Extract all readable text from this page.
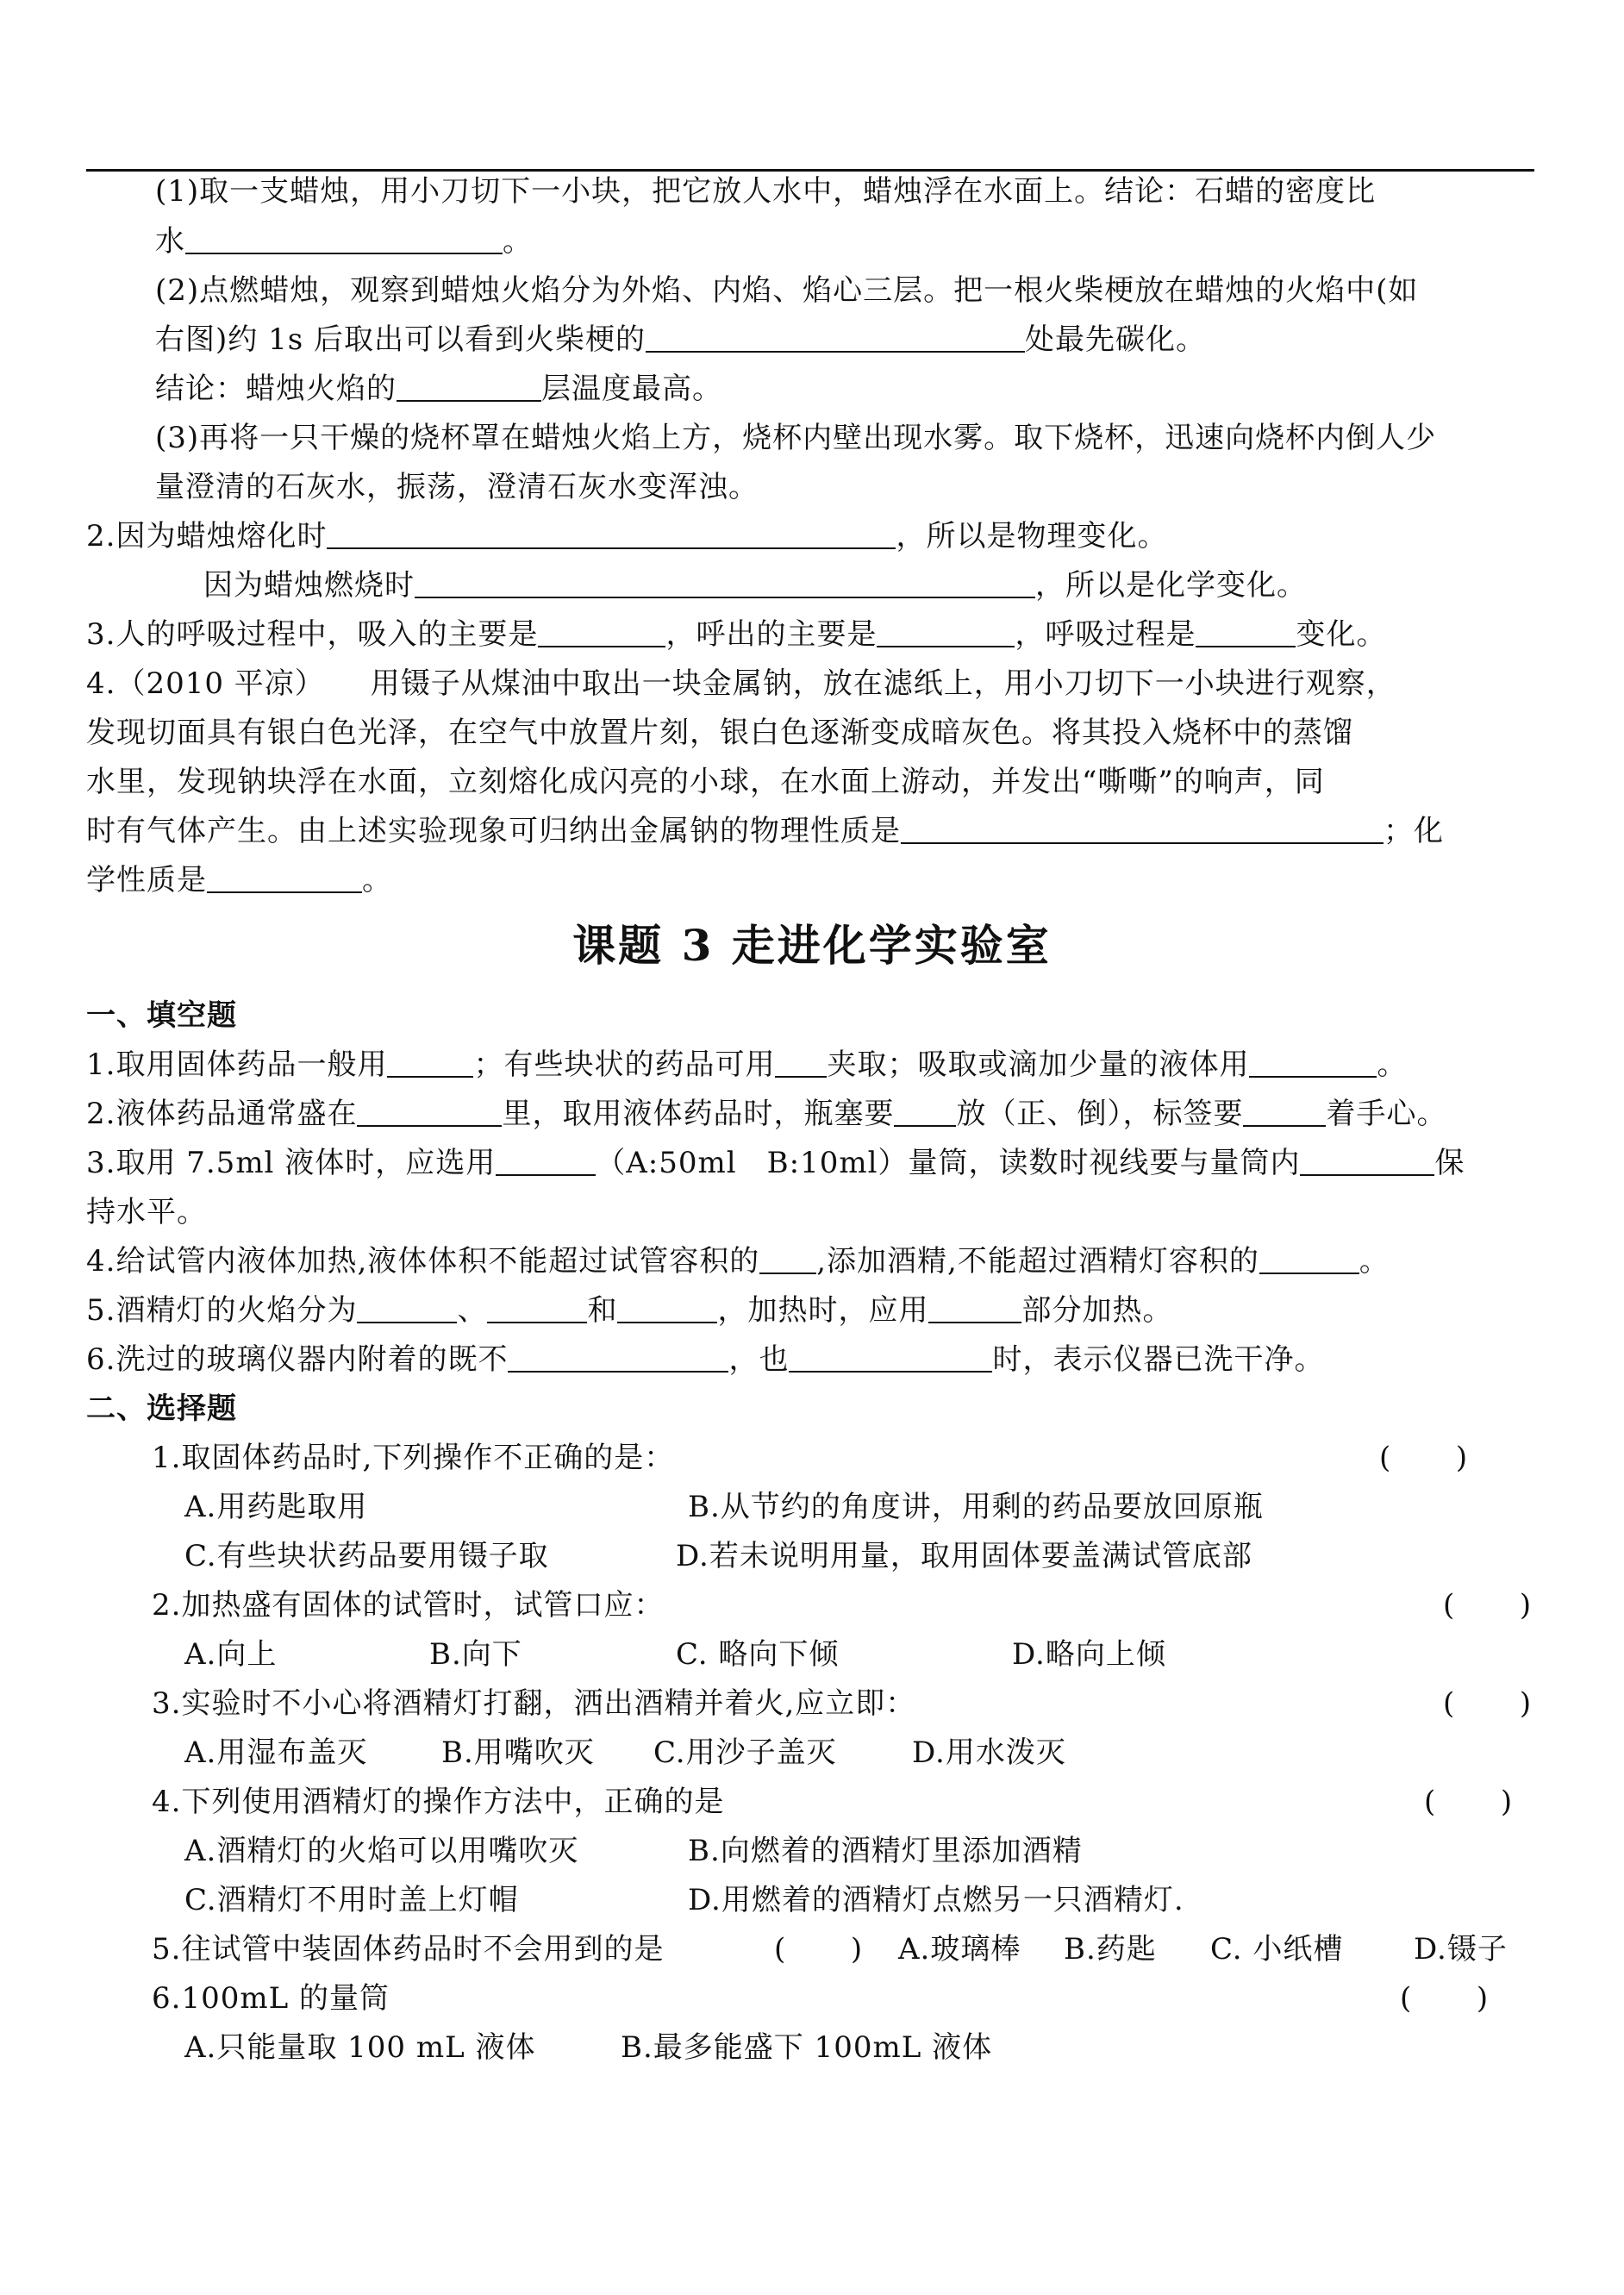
(1)取一支蜡烛，用小刀切下一小块，把它放人水中，蜡烛浮在水面上。结论：石蜡的密度比
水	。
(2)点燃蜡烛，观察到蜡烛火焰分为外焰、内焰、焰心三层。把一根火柴梗放在蜡烛的火焰中(如
右图)约 1s 后取出可以看到火柴梗的	处最先碳化。
结论：蜡烛火焰的	层温度最高。
(3)再将一只干燥的烧杯罩在蜡烛火焰上方，烧杯内壁出现水雾。取下烧杯，迅速向烧杯内倒人少
量澄清的石灰水，振荡，澄清石灰水变浑浊。
2.因为蜡烛熔化时	，所以是物理变化。
因为蜡烛燃烧时	，所以是化学变化。
3.人的呼吸过程中，吸入的主要是	，呼出的主要是	，呼吸过程是	变化。
4.（2010 平凉）　　用镊子从煤油中取出一块金属钠，放在滤纸上，用小刀切下一小块进行观察，
发现切面具有银白色光泽，在空气中放置片刻，银白色逐渐变成暗灰色。将其投入烧杯中的蒸馏
水里，发现钠块浮在水面，立刻熔化成闪亮的小球，在水面上游动，并发出“嘶嘶”的响声，同
时有气体产生。由上述实验现象可归纳出金属钠的物理性质是	；化
学性质是	。
课题 3 走进化学实验室
一、填空题
1.取用固体药品一般用	；有些块状的药品可用 夹取；吸取或滴加少量的液体用	。
2.液体药品通常盛在	里，取用液体药品时，瓶塞要 放（正、倒），标签要	着手心。
3.取用 7.5ml 液体时，应选用	（A:50ml　B:10ml）量筒，读数时视线要与量筒内	保
持水平。
4.给试管内液体加热,液体体积不能超过试管容积的 ,添加酒精,不能超过酒精灯容积的	。
5.酒精灯的火焰分为	、	和	，加热时，应用	部分加热。
6.洗过的玻璃仪器内附着的既不	，也	时，表示仪器已洗干净。
二、选择题
1.取固体药品时,下列操作不正确的是：	(       )
A.用药匙取用	B.从节约的角度讲，用剩的药品要放回原瓶
C.有些块状药品要用镊子取	D.若未说明用量，取用固体要盖满试管底部
2.加热盛有固体的试管时，试管口应：	(       )
A.向上	B.向下	C. 略向下倾	D.略向上倾
3.实验时不小心将酒精灯打翻，洒出酒精并着火,应立即：	(       )
A.用湿布盖灭	B.用嘴吹灭 C.用沙子盖灭	D.用水泼灭
4.下列使用酒精灯的操作方法中，正确的是	(       )
A.酒精灯的火焰可以用嘴吹灭	B.向燃着的酒精灯里添加酒精
C.酒精灯不用时盖上灯帽	D.用燃着的酒精灯点燃另一只酒精灯.
5.往试管中装固体药品时不会用到的是	(       ) A.玻璃棒 B.药匙 C. 小纸槽 D.镊子
6.100mL 的量筒	(       )
A.只能量取 100 mL 液体	B.最多能盛下 100mL 液体
